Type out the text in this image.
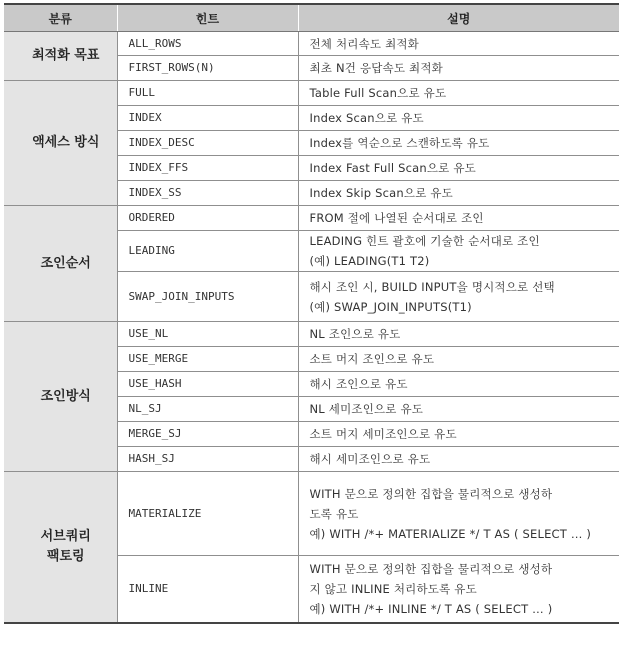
분류	힌트	설명

최적화 목표	ALL_ROWS	전체 처리속도 최적화

	FIRST_ROWS(N)	최초 N건 응답속도 최적화

액세스 방식	FULL	Table Full Scan으로 유도

	INDEX	Index Scan으로 유도

	INDEX_DESC	Index를 역순으로 스캔하도록 유도

	INDEX_FFS	Index Fast Full Scan으로 유도

	INDEX_SS	Index Skip Scan으로 유도

조인순서	ORDERED	FROM 절에 나열된 순서대로 조인

	LEADING	LEADING 힌트 괄호에 기술한 순서대로 조인
(예) LEADING(T1 T2)

	SWAP_JOIN_INPUTS	해시 조인 시, BUILD INPUT을 명시적으로 선택
(예) SWAP_JOIN_INPUTS(T1)

조인방식	USE_NL	NL 조인으로 유도

	USE_MERGE	소트 머지 조인으로 유도

	USE_HASH	해시 조인으로 유도

	NL_SJ	NL 세미조인으로 유도

	MERGE_SJ	소트 머지 세미조인으로 유도

	HASH_SJ	해시 세미조인으로 유도

서브쿼리
팩토링	MATERIALIZE	WITH 문으로 정의한 집합을 물리적으로 생성하
도록 유도
예) WITH /*+ MATERIALIZE */ T AS ( SELECT … )

	INLINE	WITH 문으로 정의한 집합을 물리적으로 생성하
지 않고 INLINE 처리하도록 유도
예) WITH /*+ INLINE */ T AS ( SELECT … )
